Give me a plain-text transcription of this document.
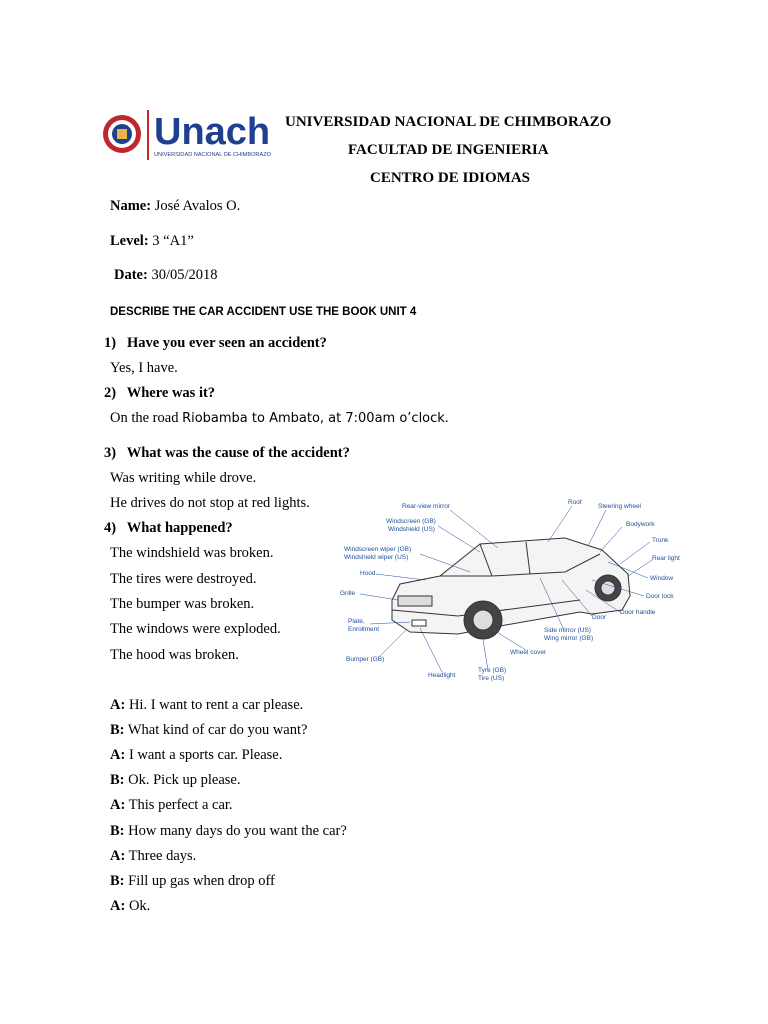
Unach
UNIVERSIDAD NACIONAL DE CHIMBORAZO
UNIVERSIDAD NACIONAL DE CHIMBORAZO
FACULTAD DE INGENIERIA
CENTRO DE IDIOMAS
Name: José Avalos O.
Level: 3 “A1”
Date: 30/05/2018
DESCRIBE THE CAR ACCIDENT USE THE BOOK UNIT 4
1) Have you ever seen an accident?
Yes, I have.
2) Where was it?
On the road Riobamba to Ambato, at 7:00am o’clock.
3) What was the cause of the accident?
Was writing while drove.
He drives do not stop at red lights.
4) What happened?
The windshield was broken.
The tires were destroyed.
The bumper was broken.
The windows were exploded.
The hood was broken.
Rear-view mirror
Roof
Steering wheel
Windscreen (GB)
Windshield (US)
Bodywork
Trunk
Windscreen wiper (GB)
Windshield wiper (US)	Rear light
Hood
Window
Grille	Door lock
Door handle
Plate,
Enrollment
Door
Side mirror (US)
Wing mirror (GB)
Bumper (GB)
Wheel cover
Tyre (GB)
Tire (US)
Headlight
A: Hi. I want to rent a car please.
B: What kind of car do you want?
A: I want a sports car. Please.
B: Ok. Pick up please.
A: This perfect a car.
B: How many days do you want the car?
A: Three days.
B: Fill up gas when drop off
A: Ok.
